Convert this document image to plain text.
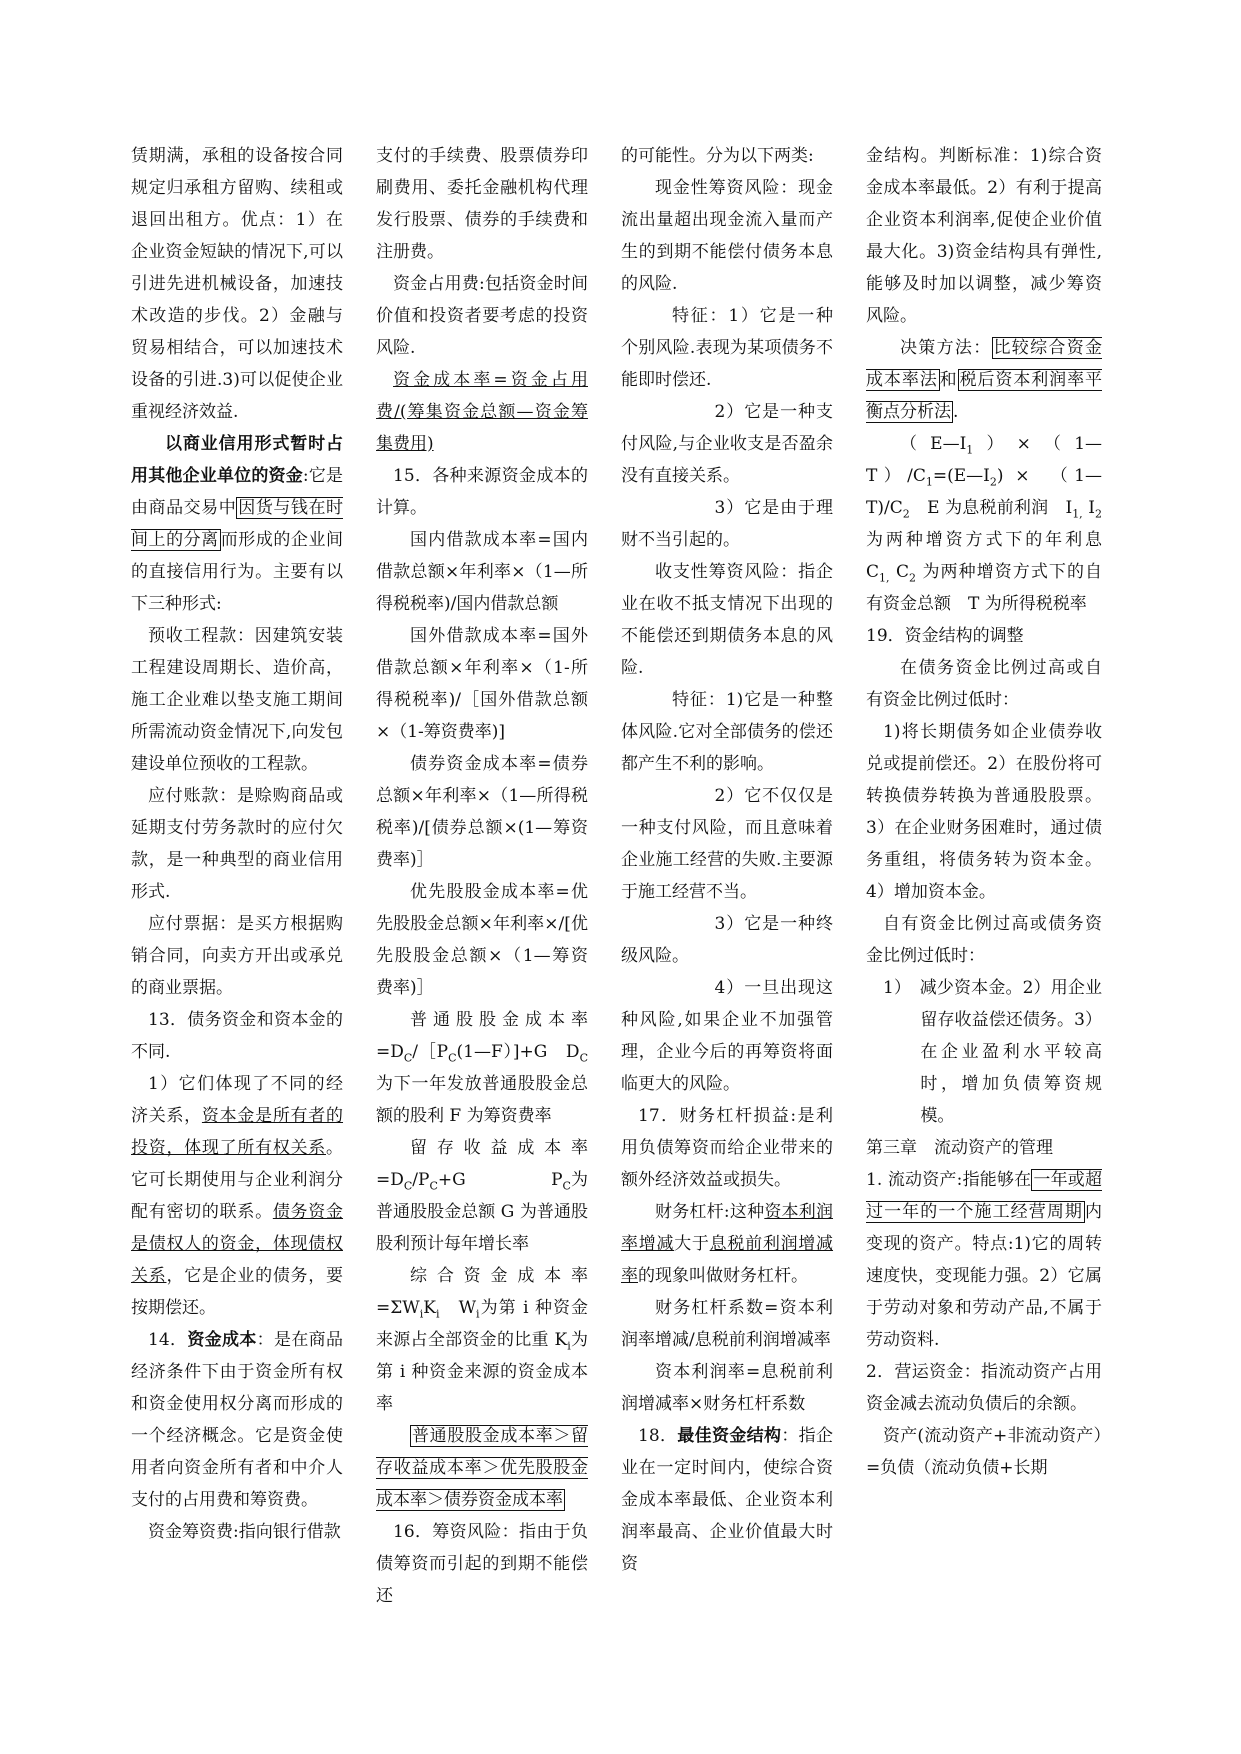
赁期满，承租的设备按合同规定归承租方留购、续租或退回出租方。优点：1）在企业资金短缺的情况下,可以引进先进机械设备，加速技术改造的步伐。2）金融与贸易相结合，可以加速技术设备的引进.3)可以促使企业重视经济效益.

以商业信用形式暂时占用其他企业单位的资金:它是由商品交易中 因货与钱在时间上的分离 而形成的企业间的直接信用行为。主要有以下三种形式:

预收工程款：因建筑安装工程建设周期长、造价高，施工企业难以垫支施工期间所需流动资金情况下,向发包建设单位预收的工程款。

应付账款：是赊购商品或延期支付劳务款时的应付欠款，是一种典型的商业信用形式.

应付票据：是买方根据购销合同，向卖方开出或承兑的商业票据。

13．债务资金和资本金的不同.

1）它们体现了不同的经济关系，资本金是所有者的投资，体现了所有权关系。它可长期使用与企业利润分配有密切的联系。债务资金是债权人的资金，体现债权关系，它是企业的债务，要按期偿还。

14．资金成本：是在商品经济条件下由于资金所有权和资金使用权分离而形成的一个经济概念。它是资金使用者向资金所有者和中介人支付的占用费和筹资费。

资金筹资费:指向银行借款

支付的手续费、股票债券印刷费用、委托金融机构代理发行股票、债券的手续费和注册费。

资金占用费:包括资金时间价值和投资者要考虑的投资风险.

资金成本率=资金占用费/(筹集资金总额—资金筹集费用)

15．各种来源资金成本的计算。

国内借款成本率=国内借款总额×年利率×（1—所得税税率)/国内借款总额

国外借款成本率=国外借款总额×年利率×（1-所得税税率)/［国外借款总额×（1-筹资费率)]

债券资金成本率=债券总额×年利率×（1—所得税税率)/[债券总额×(1—筹资费率)］

优先股股金成本率=优先股股金总额×年利率×/[优先股股金总额×（1—筹资费率)］

普通股股金成本率$=D_C/[P_C(1—F)]+G$　$D_C$为下一年发放普通股股金总额的股利 F 为筹资费率

留存收益成本率$=D_C/P_C+G$　　　　　$P_C$为普通股股金总额 G 为普通股股利预计每年增长率

综合资金成本率$=\Sigma W_iK_i$　$W_i$为第 i 种资金来源占全部资金的比重 $K_i$为第 i 种资金来源的资金成本率

普通股股金成本率＞留存收益成本率＞优先股股金成本率＞债券资金成本率

16．筹资风险：指由于负债筹资而引起的到期不能偿还

的可能性。分为以下两类:

现金性筹资风险：现金流出量超出现金流入量而产生的到期不能偿付债务本息的风险.

特征：1）它是一种个别风险.表现为某项债务不能即时偿还.

2）它是一种支付风险,与企业收支是否盈余没有直接关系。

3）它是由于理财不当引起的。

收支性筹资风险：指企业在收不抵支情况下出现的不能偿还到期债务本息的风险.

特征：1)它是一种整体风险.它对全部债务的偿还都产生不利的影响。

2）它不仅仅是一种支付风险，而且意味着企业施工经营的失败.主要源于施工经营不当。

3）它是一种终级风险。

4）一旦出现这种风险,如果企业不加强管理，企业今后的再筹资将面临更大的风险。

17．财务杠杆损益:是利用负债筹资而给企业带来的额外经济效益或损失。

财务杠杆:这种资本利润率增减大于息税前利润增减率的现象叫做财务杠杆。

财务杠杆系数=资本利润率增减/息税前利润增减率

资本利润率=息税前利润增减率×财务杠杆系数

18．最佳资金结构：指企业在一定时间内，使综合资金成本率最低、企业资本利润率最高、企业价值最大时资

金结构。判断标准：1)综合资金成本率最低。2）有利于提高企业资本利润率,促使企业价值最大化。3)资金结构具有弹性,能够及时加以调整，减少筹资风险。

决策方法： 比较综合资金成本率法 和 税后资本利润率平衡点分析法 .

$(E—I_1)\times(1—T)/C_1=(E—I_2)$ ×　$(1—T)/C_2$　E 为息税前利润　$I_{1,}$ $I_2$ 为两种增资方式下的年利息　$C_{1,}$ $C_2$ 为两种增资方式下的自有资金总额　T 为所得税税率

19．资金结构的调整

在债务资金比例过高或自有资金比例过低时：

1)将长期债务如企业债券收兑或提前偿还。2）在股份将可转换债券转换为普通股股票。3）在企业财务困难时，通过债务重组，将债务转为资本金。4）增加资本金。

自有资金比例过高或债务资金比例过低时：

1）　减少资本金。2）用企业留存收益偿还债务。3）在企业盈利水平较高时，增加负债筹资规模。

第三章　流动资产的管理

1. 流动资产:指能够在 一年或超过一年的一个施工经营周期 内变现的资产。特点:1)它的周转速度快，变现能力强。2）它属于劳动对象和劳动产品,不属于劳动资料.

2．营运资金：指流动资产占用资金减去流动负债后的余额。

资产(流动资产+非流动资产）=负债（流动负债+长期
